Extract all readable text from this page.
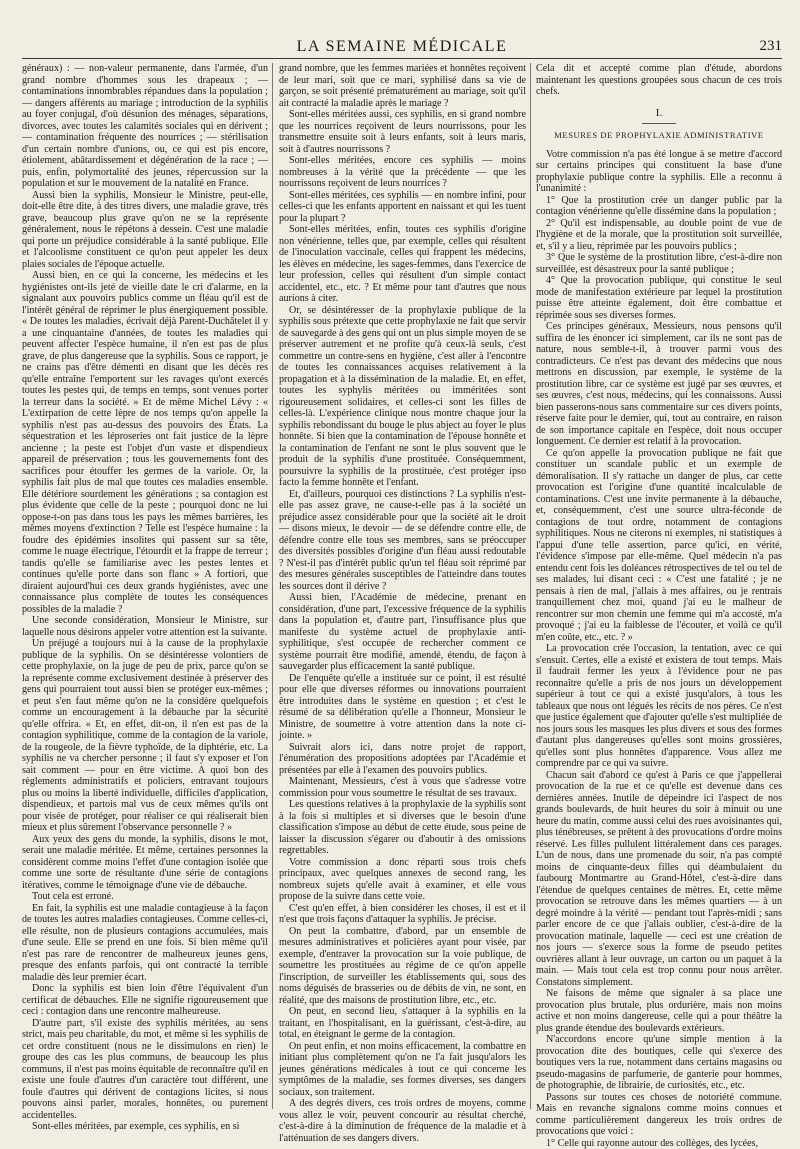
LA SEMAINE MÉDICALE	231

généraux) : — non-valeur permanente, dans l'armée, d'un grand nombre d'hommes sous les drapeaux ; — contaminations innombrables répandues dans la population ; — dangers afférents au mariage ; introduction de la syphilis au foyer conjugal, d'où désunion des ménages, séparations, divorces, avec toutes les calamités sociales qui en dérivent ; — contamination fréquente des nourrices ; — stérilisation d'un certain nombre d'unions, ou, ce qui est pis encore, étiolement, abâtardissement et dégénération de la race ; — puis, enfin, polymortalité des jeunes, répercussion sur la population et sur le mouvement de la natalité en France.

Aussi bien la syphilis, Monsieur le Ministre, peut-elle, doit-elle être dite, à des titres divers, une maladie grave, très grave, beaucoup plus grave qu'on ne se la représente généralement, nous le répétons à dessein. C'est une maladie qui porte un préjudice considérable à la santé publique. Elle et l'alcoolisme constituent ce qu'on peut appeler les deux plaies sociales de l'époque actuelle.

Aussi bien, en ce qui la concerne, les médecins et les hygiénistes ont-ils jeté de vieille date le cri d'alarme, en la signalant aux pouvoirs publics comme un fléau qu'il est de l'intérêt général de réprimer le plus énergiquement possible. « De toutes les maladies, écrivait déjà Parent-Duchâtelet il y a une cinquantaine d'années, de toutes les maladies qui peuvent affecter l'espèce humaine, il n'en est pas de plus grave, de plus dangereuse que la syphilis. Sous ce rapport, je ne crains pas d'être démenti en disant que les décès res qu'elle entraîne l'emportent sur les ravages qu'ont exercés toutes les pestes qui, de temps en temps, sont venues porter la terreur dans la société. » Et de même Michel Lévy : « L'extirpation de cette lèpre de nos temps qu'on appelle la syphilis n'est pas au-dessus des pouvoirs des États. La séquestration et les léproseries ont fait justice de la lèpre ancienne ; la peste est l'objet d'un vaste et dispendieux appareil de préservation ; tous les gouvernements font des sacrifices pour étouffer les germes de la variole. Or, la syphilis fait plus de mal que toutes ces maladies ensemble. Elle détériore sourdement les générations ; sa contagion est plus évidente que celle de la peste ; pourquoi donc ne lui oppose-t-on pas dans tous les pays les mêmes barrières, les mêmes moyens d'extinction ? Telle est l'espèce humaine : la foudre des épidémies insolites qui passent sur sa tête, comme le nuage électrique, l'étourdit et la frappe de terreur ; tandis qu'elle se familiarise avec les pestes lentes et continues qu'elle porte dans son flanc » A fortiori, que diraient aujourd'hui ces deux grands hygiénistes, avec une connaissance plus complète de toutes les conséquences possibles de la maladie ?

Une seconde considération, Monsieur le Ministre, sur laquelle nous désirons appeler votre attention est la suivante.

Un préjugé a toujours nui à la cause de la prophylaxie publique de la syphilis. On se désintéresse volontiers de cette prophylaxie, on la juge de peu de prix, parce qu'on se la représente comme exclusivement destinée à préserver des gens qui pourraient tout aussi bien se protéger eux-mêmes ; et peut s'en faut même qu'on ne la considère quelquefois comme un encouragement à la débauche par la sécurité qu'elle offrira. « Et, en effet, dit-on, il n'en est pas de la contagion syphilitique, comme de la contagion de la variole, de la rougeole, de la fièvre typhoïde, de la diphtérie, etc. La syphilis ne va chercher personne ; il faut s'y exposer et l'on sait comment — pour en être victime. A quoi bon des règlements administratifs et policiers, entravant toujours plus ou moins la liberté individuelle, difficiles d'application, dispendieux, et partois mal vus de ceux mêmes qu'ils ont pour visée de protéger, pour réaliser ce qui réaliserait bien mieux et plus sûrement l'observance personnelle ? »

Aux yeux des gens du monde, la syphilis, disons le mot, serait une maladie méritée. Et même, certaines personnes la considèrent comme moins l'effet d'une contagion isolée que comme une sorte de résultante d'une série de contagions itératives, comme le témoignage d'une vie de débauche.

Tout cela est erroné.

En fait, la syphilis est une maladie contagieuse à la façon de toutes les autres maladies contagieuses. Comme celles-ci, elle résulte, non de plusieurs contagions accumulées, mais d'une seule. Elle se prend en une fois. Si bien même qu'il n'est pas rare de rencontrer de malheureux jeunes gens, presque des enfants parfois, qui ont contracté la terrible maladie dès leur premier écart.

Donc la syphilis est bien loin d'être l'équivalent d'un certificat de débauches. Elle ne signifie rigoureusement que ceci : contagion dans une rencontre malheureuse.

D'autre part, s'il existe des syphilis méritées, au sens strict, mais peu charitable, du mot, et même si les syphilis de cet ordre constituent (nous ne le dissimulons en rien) le groupe des cas les plus communs, de beaucoup les plus communs, il n'est pas moins équitable de reconnaître qu'il en existe une foule d'autres d'un caractère tout différent, une foule d'autres qui dérivent de contagions licites, si nous pouvons ainsi parler, morales, honnêtes, ou purement accidentelles.

Sont-elles méritées, par exemple, ces syphilis, en si

grand nombre, que les femmes mariées et honnêtes reçoivent de leur mari, soit que ce mari, syphilisé dans sa vie de garçon, se soit présenté prématurément au mariage, soit qu'il ait contracté la maladie après le mariage ?

Sont-elles méritées aussi, ces syphilis, en si grand nombre que les nourrices reçoivent de leurs nourrissons, pour les transmettre ensuite soit à leurs enfants, soit à leurs maris, soit à d'autres nourrissons ?

Sont-elles méritées, encore ces syphilis — moins nombreuses à la vérité que la précédente — que les nourrissons reçoivent de leurs nourrices ?

Sont-elles méritées, ces syphilis — en nombre infini, pour celles-ci que les enfants apportent en naissant et qui les tuent pour la plupart ?

Sont-elles méritées, enfin, toutes ces syphilis d'origine non vénérienne, telles que, par exemple, celles qui résultent de l'inoculation vaccinale, celles qui frappent les médecins, les élèves en médecine, les sages-femmes, dans l'exercice de leur profession, celles qui résultent d'un simple contact accidentel, etc., etc. ? Et même pour tant d'autres que nous aurions à citer.

Or, se désintéresser de la prophylaxie publique de la syphilis sous prétexte que cette prophylaxie ne fait que servir de sauvegarde à des gens qui ont un plus simple moyen de se préserver autrement et ne profite qu'à ceux-là seuls, c'est commettre un contre-sens en hygiène, c'est aller à l'encontre de toutes les connaissances acquises relativement à la propagation et à la dissémination de la maladie. Et, en effet, toutes les syphylis méritées ou imméritées sont rigoureusement solidaires, et celles-ci sont les filles de celles-là. L'expérience clinique nous montre chaque jour la syphilis rebondissant du bouge le plus abject au foyer le plus honnête. Si bien que la contamination de l'épouse honnête et la contamination de l'enfant ne sont le plus souvent que le produit de la syphilis d'une prostituée. Conséquemment, poursuivre la syphilis de la prostituée, c'est protéger ipso facto la femme honnête et l'enfant.

Et, d'ailleurs, pourquoi ces distinctions ? La syphilis n'est-elle pas assez grave, ne cause-t-elle pas à la société un préjudice assez considérable pour que la société ait le droit — disons mieux, le devoir — de se défendre contre elle, de défendre contre elle tous ses membres, sans se préoccuper des diversités possibles d'origine d'un fléau aussi redoutable ? N'est-il pas d'intérêt public qu'un tel fléau soit réprimé par des mesures générales susceptibles de l'atteindre dans toutes les sources dont il dérive ?

Aussi bien, l'Académie de médecine, prenant en considération, d'une part, l'excessive fréquence de la syphilis dans la population et, d'autre part, l'insuffisance plus que manifeste du système actuel de prophylaxie anti-syphilitique, s'est occupée de rechercher comment ce système pourrait être modifié, amendé, étendu, de façon à sauvegarder plus efficacement la santé publique.

De l'enquête qu'elle a instituée sur ce point, il est résulté pour elle que diverses réformes ou innovations pourraient être introduites dans le système en question ; et c'est le résumé de sa délibération qu'elle a l'honneur, Monsieur le Ministre, de soumettre à votre attention dans la note ci-jointe. »

Suivrait alors ici, dans notre projet de rapport, l'énumération des propositions adoptées par l'Académie et présentées par elle à l'examen des pouvoirs publics.

Maintenant, Messieurs, c'est à vous que s'adresse votre commission pour vous soumettre le résultat de ses travaux.

Les questions relatives à la prophylaxie de la syphilis sont à la fois si multiples et si diverses que le besoin d'une classification s'impose au début de cette étude, sous peine de laisser la discussion s'égarer ou d'aboutir à des omissions regrettables.

Votre commission a donc réparti sous trois chefs principaux, avec quelques annexes de second rang, les nombreux sujets qu'elle avait à examiner, et elle vous propose de la suivre dans cette voie.

C'est qu'en effet, à bien considérer les choses, il est et il n'est que trois façons d'attaquer la syphilis. Je précise.

On peut la combattre, d'abord, par un ensemble de mesures administratives et policières ayant pour visée, par exemple, d'entraver la provocation sur la voie publique, de soumettre les prostituées au régime de ce qu'on appelle l'inscription, de surveiller les établissements qui, sous des noms déguisés de brasseries ou de débits de vin, ne sont, en réalité, que des maisons de prostitution libre, etc., etc.

On peut, en second lieu, s'attaquer à la syphilis en la traitant, en l'hospitalisant, en la guérissant, c'est-à-dire, au total, en éteignant le germe de la contagion.

On peut enfin, et non moins efficacement, la combattre en initiant plus complètement qu'on ne l'a fait jusqu'alors les jeunes générations médicales à tout ce qui concerne les symptômes de la maladie, ses formes diverses, ses dangers sociaux, son traitement.

A des degrés divers, ces trois ordres de moyens, comme vous allez le voir, peuvent concourir au résultat cherché, c'est-à-dire à la diminution de fréquence de la maladie et à l'atténuation de ses dangers divers.

Cela dit et accepté comme plan d'étude, abordons maintenant les questions groupées sous chacun de ces trois chefs.

I.
MESURES DE PROPHYLAXIE ADMINISTRATIVE

Votre commission n'a pas été longue à se mettre d'accord sur certains principes qui constituent la base d'une prophylaxie publique contre la syphilis. Elle a reconnu à l'unanimité :

1° Que la prostitution crée un danger public par la contagion vénérienne qu'elle dissémine dans la population ;

2° Qu'il est indispensable, au double point de vue de l'hygiène et de la morale, que la prostitution soit surveillée, et, s'il y a lieu, réprimée par les pouvoirs publics ;

3° Que le système de la prostitution libre, c'est-à-dire non surveillée, est désastreux pour la santé publique ;

4° Que la provocation publique, qui constitue le seul mode de manifestation extérieure par lequel la prostitution puisse être atteinte également, doit être combattue et réprimée sous ses diverses formes.

Ces principes généraux, Messieurs, nous pensons qu'il suffira de les énoncer ici simplement, car ils ne sont pas de nature, nous semble-t-il, à trouver parmi vous des contradicteurs. Ce n'est pas devant des médecins que nous mettrons en discussion, par exemple, le système de la prostitution libre, car ce système est jugé par ses œuvres, et ses œuvres, c'est nous, médecins, qui les connaissons. Aussi bien passerons-nous sans commentaire sur ces divers points, réserve faite pour le dernier, qui, tout au contraire, en raison de son importance capitale en l'espèce, doit nous occuper longuement. Ce dernier est relatif à la provocation.

Ce qu'on appelle la provocation publique ne fait que constituer un scandale public et un exemple de démoralisation. Il s'y rattache un danger de plus, car cette provocation est l'origine d'une quantité incalculable de contaminations. C'est une invite permanente à la débauche, et, conséquemment, c'est une source ultra-féconde de contagions de tout ordre, notamment de contagions syphilitiques. Nous ne citerons ni exemples, ni statistiques à l'appui d'une telle assertion, parce qu'ici, en vérité, l'évidence s'impose par elle-même. Quel médecin n'a pas entendu cent fois les doléances rétrospectives de tel ou tel de ses malades, lui disant ceci : « C'est une fatalité ; je ne pensais à rien de mal, j'allais à mes affaires, ou je rentrais tranquillement chez moi, quand j'ai eu le malheur de rencontrer sur mon chemin une femme qui m'a accosté, m'a provoqué ; j'ai eu la faiblesse de l'écouter, et voilà ce qu'il m'en coûte, etc., etc. ? »

La provocation crée l'occasion, la tentation, avec ce qui s'ensuit. Certes, elle a existé et existera de tout temps. Mais il faudrait fermer les yeux à l'évidence pour ne pas reconnaître qu'elle a pris de nos jours un développement supérieur à tout ce qui a existé jusqu'alors, à tous les tableaux que nous ont légués les récits de nos pères. Ce n'est que justice également que d'ajouter qu'elle s'est multipliée de nos jours sous les masques les plus divers et sous des formes d'autant plus dangereuses qu'elles sont moins grossières, qu'elles sont plus honnêtes d'apparence. Vous allez me comprendre par ce qui va suivre.

Chacun sait d'abord ce qu'est à Paris ce que j'appellerai provocation de la rue et ce qu'elle est devenue dans ces dernières années. Inutile de dépeindre ici l'aspect de nos grands boulevards, de huit heures du soir à minuit ou une heure du matin, comme aussi celui des rues avoisinantes qui, plus ténébreuses, se prêtent à des provocations d'ordre moins réservé. Les filles pullulent littéralement dans ces parages. L'un de nous, dans une promenade du soir, n'a pas compté moins de cinquante-deux filles qui déambulaient du faubourg Montmartre au Grand-Hôtel, c'est-à-dire dans l'étendue de quelques centaines de mètres. Et, cette même provocation se retrouve dans les mêmes quartiers — à un degré moindre à la vérité — pendant tout l'après-midi ; sans parler encore de ce que j'allais oublier, c'est-à-dire de la provocation matinale, laquelle — ceci est une création de nos jours — s'exerce sous la forme de pseudo petites ouvrières allant à leur ouvrage, un carton ou un paquet à la main. — Mais tout cela est trop connu pour nous arrêter. Constatons simplement.

Ne faisons de même que signaler à sa place une provocation plus brutale, plus ordurière, mais non moins active et non moins dangereuse, celle qui a pour théâtre la plus grande étendue des boulevards extérieurs.

N'accordons encore qu'une simple mention à la provocation dite des boutiques, celle qui s'exerce des boutiques vers la rue, notamment dans certains magasins ou pseudo-magasins de parfumerie, de ganterie pour hommes, de photographie, de librairie, de curiosités, etc., etc.

Passons sur toutes ces choses de notoriété commune. Mais en revanche signalons comme moins connues et comme particulièrement dangereux les trois ordres de provocations que voici :

1° Celle qui rayonne autour des collèges, des lycées,
